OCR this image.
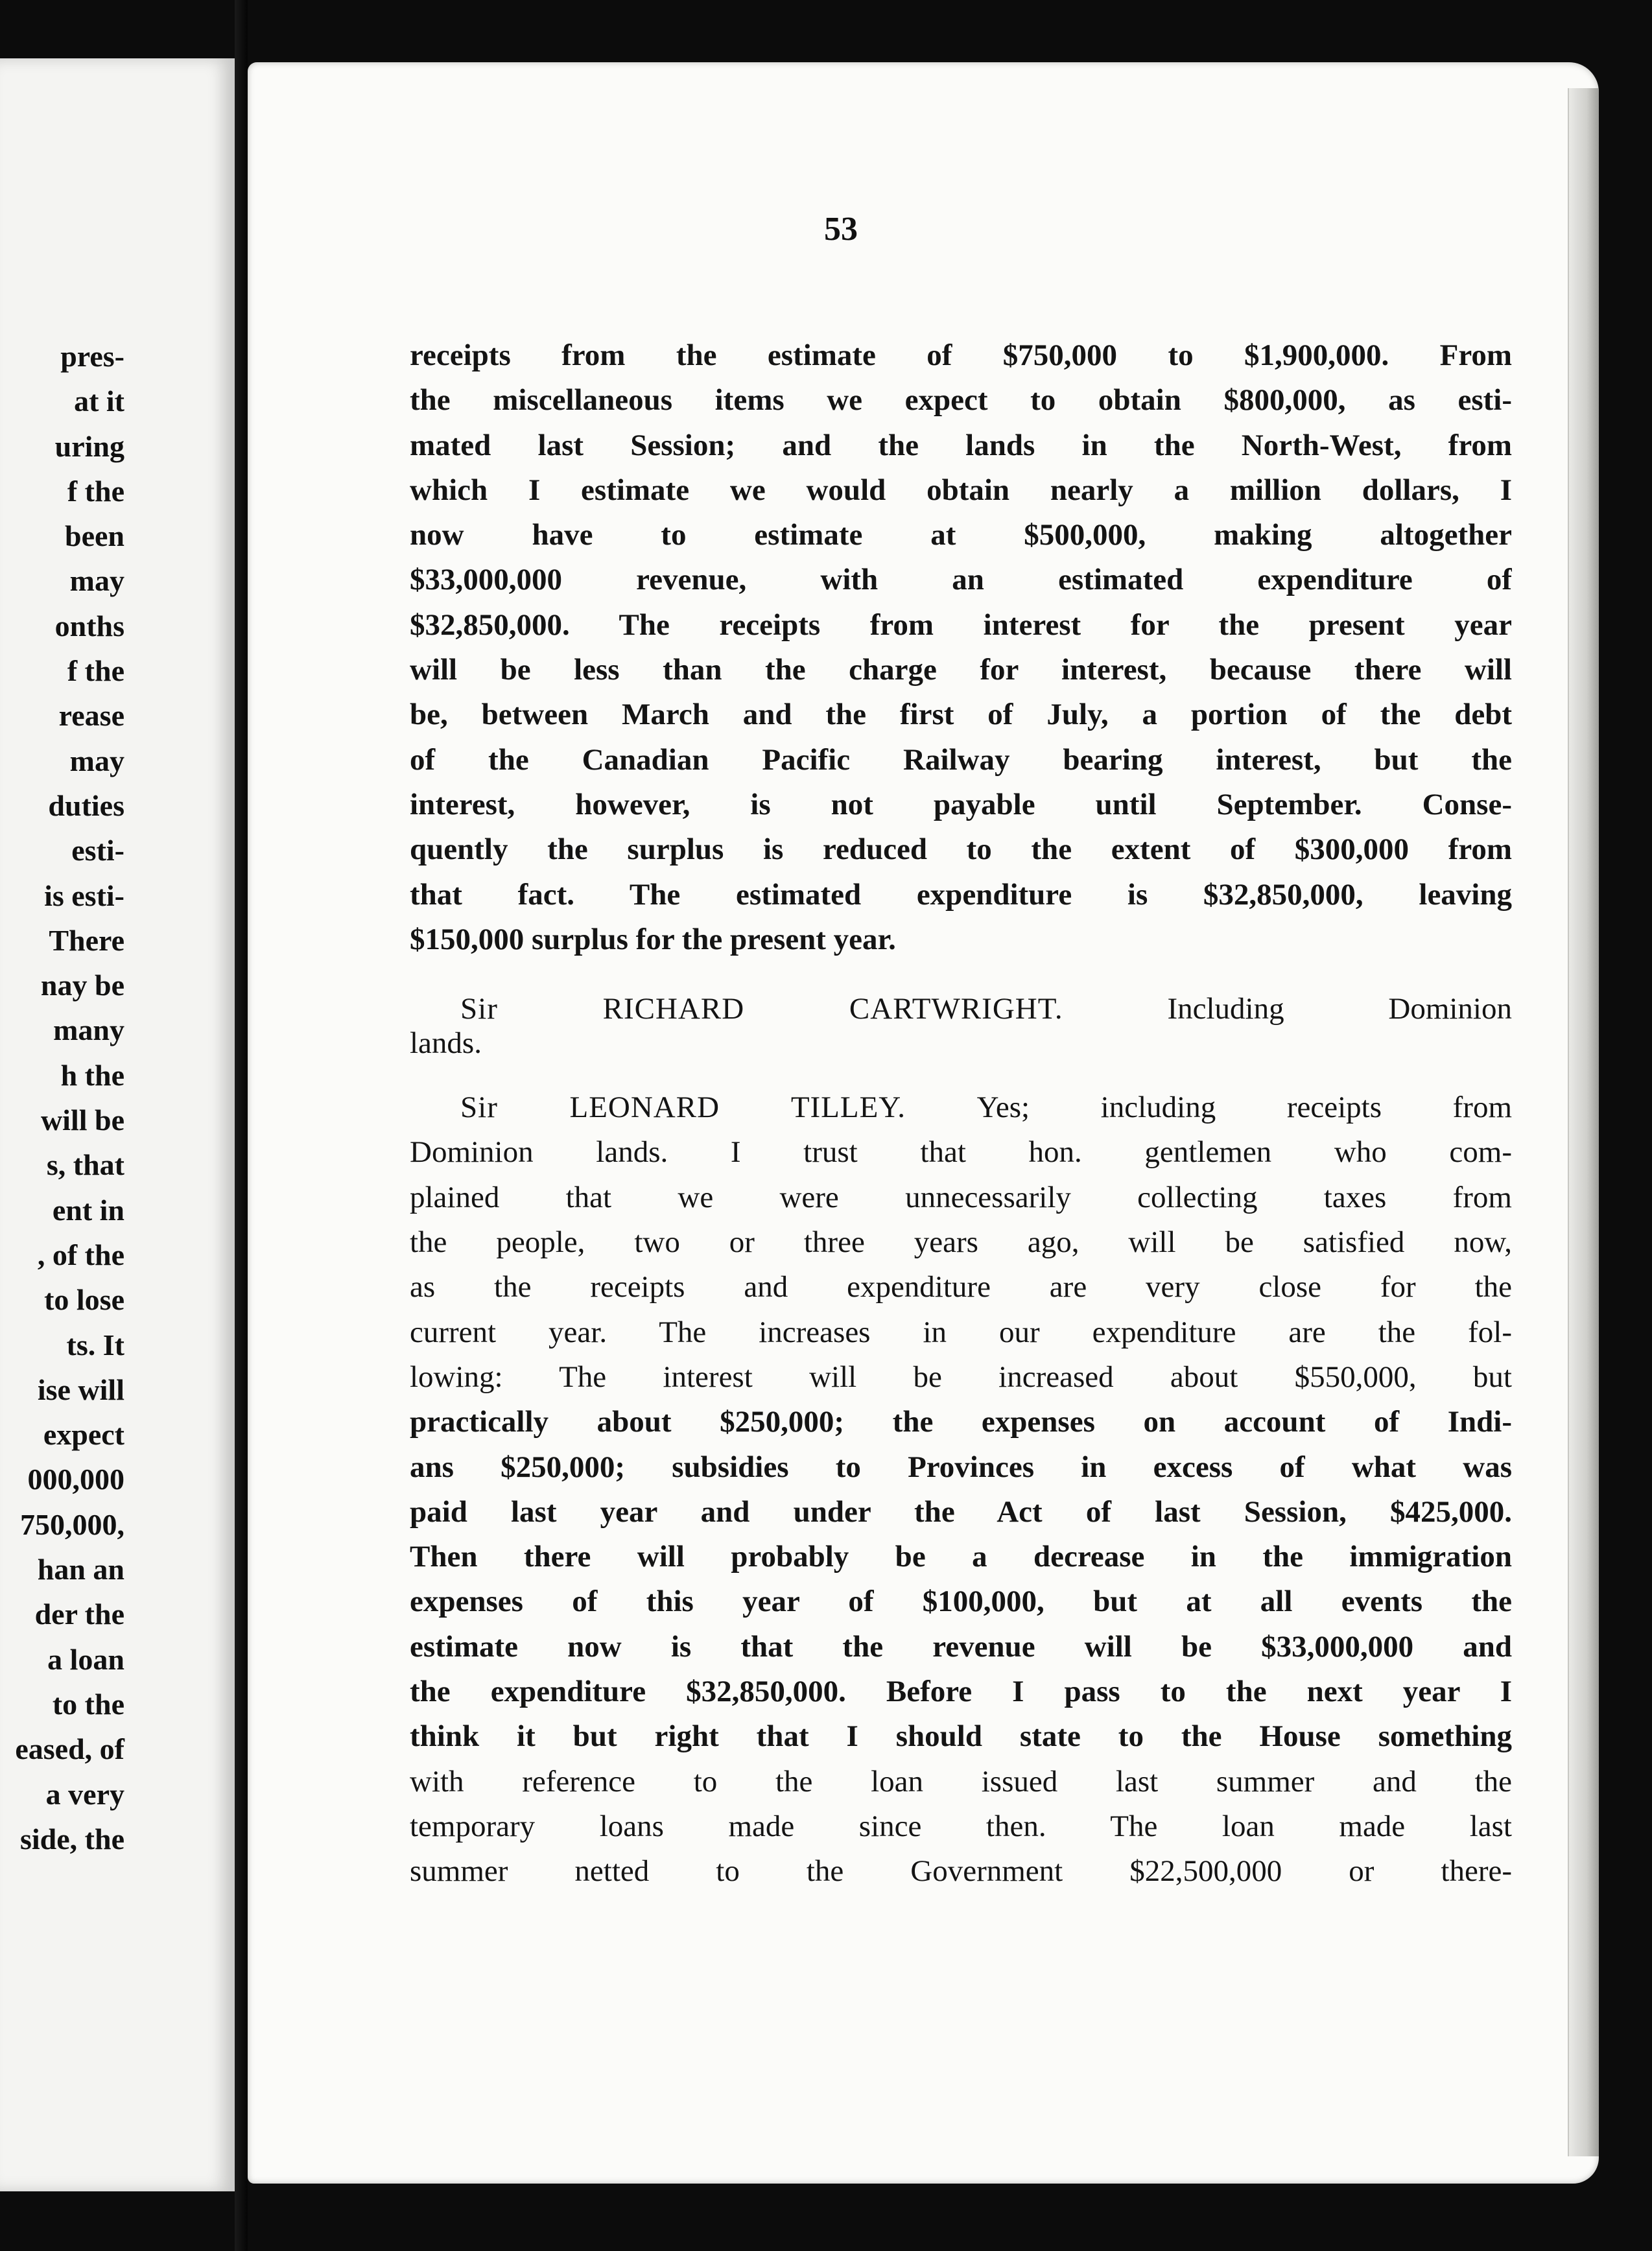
pres-
at it
uring
f the
been
may
onths
f the
rease
may
duties
esti-
is esti-
There
nay be
many
h the
will be
s, that
ent in
, of the
to lose
ts. It
ise will
expect
000,000
750,000,
han an
der the
a loan
to the
eased, of
a very
side, the
53
receipts from the estimate of $750,000 to $1,900,000. From
the miscellaneous items we expect to obtain $800,000, as esti-
mated last Session; and the lands in the North-West, from
which I estimate we would obtain nearly a million dollars, I
now have to estimate at $500,000, making altogether
$33,000,000 revenue, with an estimated expenditure of
$32,850,000. The receipts from interest for the present year
will be less than the charge for interest, because there will
be, between March and the first of July, a portion of the debt
of the Canadian Pacific Railway bearing interest, but the
interest, however, is not payable until September. Conse-
quently the surplus is reduced to the extent of $300,000 from
that fact. The estimated expenditure is $32,850,000, leaving
$150,000 surplus for the present year.
Sir RICHARD CARTWRIGHT.	Including Dominion
lands.
Sir LEONARD TILLEY. Yes; including receipts from
Dominion lands. I trust that hon. gentlemen who com-
plained that we were unnecessarily collecting taxes from
the people, two or three years ago, will be satisfied now,
as the receipts and expenditure are very close for the
current year. The increases in our expenditure are the fol-
lowing: The interest will be increased about $550,000, but
practically about $250,000; the expenses on account of Indi-
ans $250,000; subsidies to Provinces in excess of what was
paid last year and under the Act of last Session, $425,000.
Then there will probably be a decrease in the immigration
expenses of this year of $100,000, but at all events the
estimate now is that the revenue will be $33,000,000 and
the expenditure $32,850,000. Before I pass to the next year I
think it but right that I should state to the House something
with reference to the loan issued last summer and the
temporary loans made since then. The loan made last
summer netted to the Government $22,500,000 or there-
